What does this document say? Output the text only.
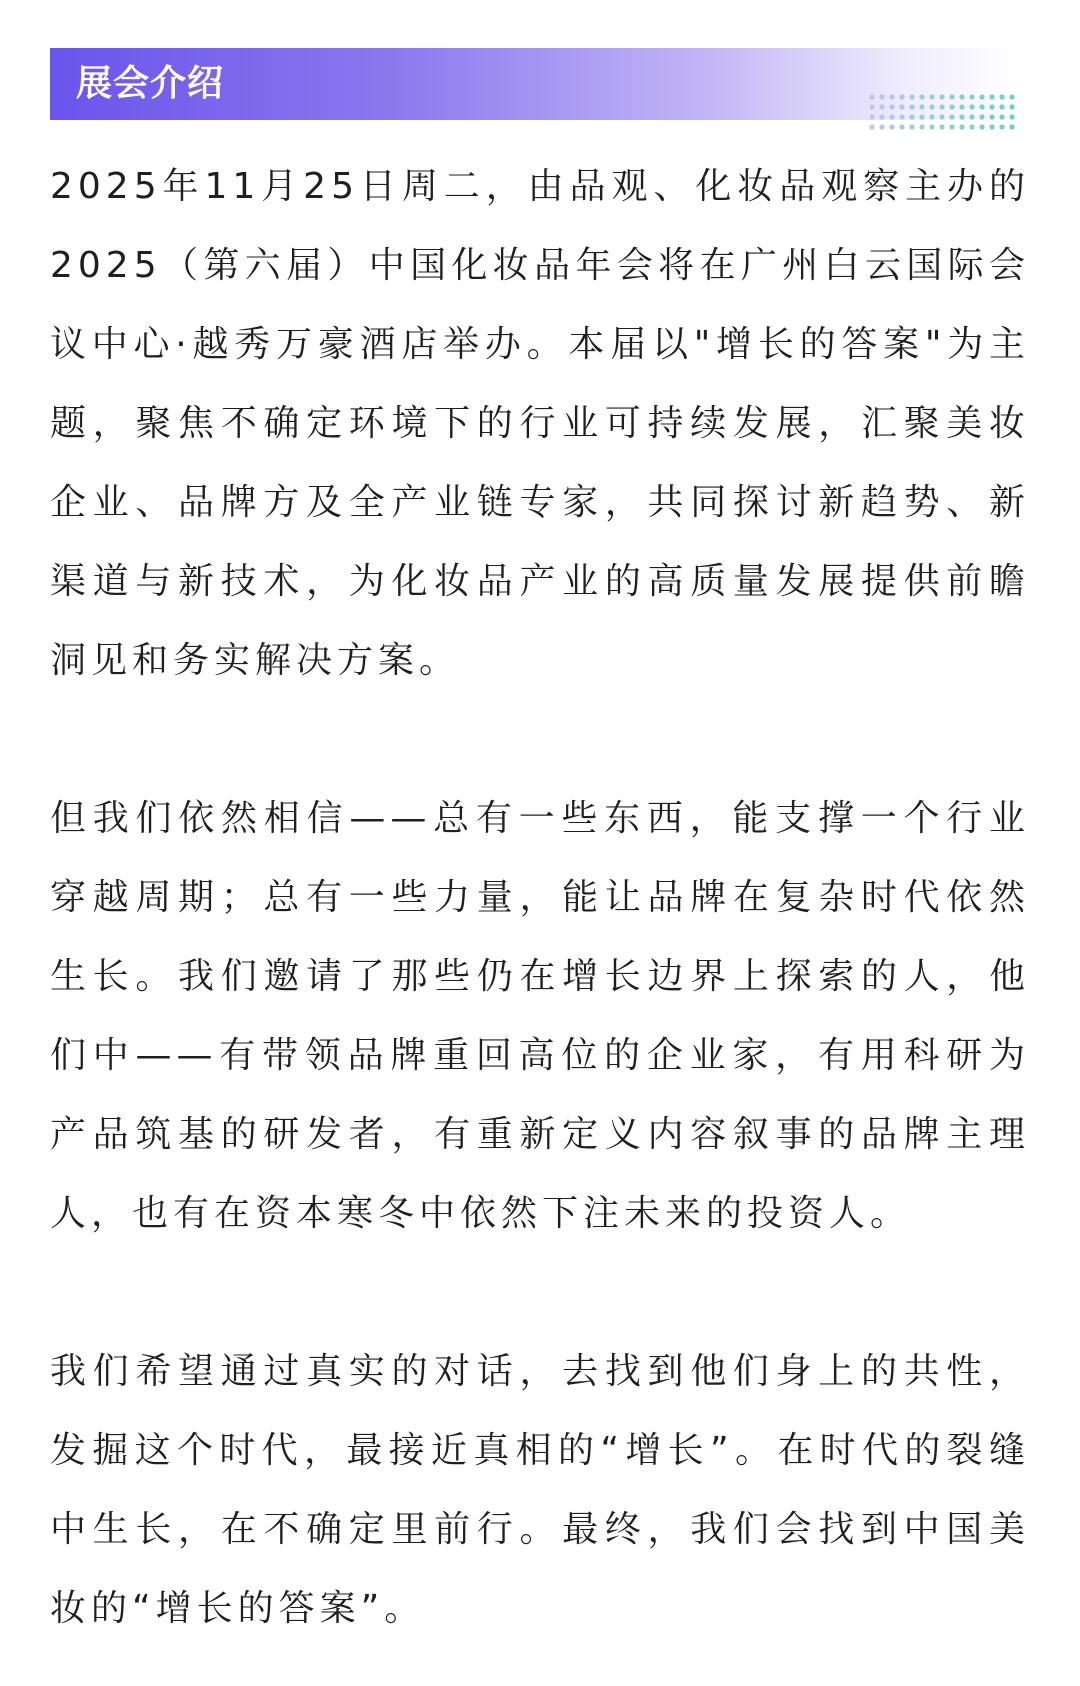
展会介绍

2025年11月25日周二，由品观、化妆品观察主办的2025（第六届）中国化妆品年会将在广州白云国际会议中心·越秀万豪酒店举办。本届以"增长的答案"为主题，聚焦不确定环境下的行业可持续发展，汇聚美妆企业、品牌方及全产业链专家，共同探讨新趋势、新渠道与新技术，为化妆品产业的高质量发展提供前瞻洞见和务实解决方案。

但我们依然相信——总有一些东西，能支撑一个行业穿越周期；总有一些力量，能让品牌在复杂时代依然生长。我们邀请了那些仍在增长边界上探索的人，他们中——有带领品牌重回高位的企业家，有用科研为产品筑基的研发者，有重新定义内容叙事的品牌主理人，也有在资本寒冬中依然下注未来的投资人。

我们希望通过真实的对话，去找到他们身上的共性，发掘这个时代，最接近真相的“增长”。在时代的裂缝中生长，在不确定里前行。最终，我们会找到中国美妆的“增长的答案”。
